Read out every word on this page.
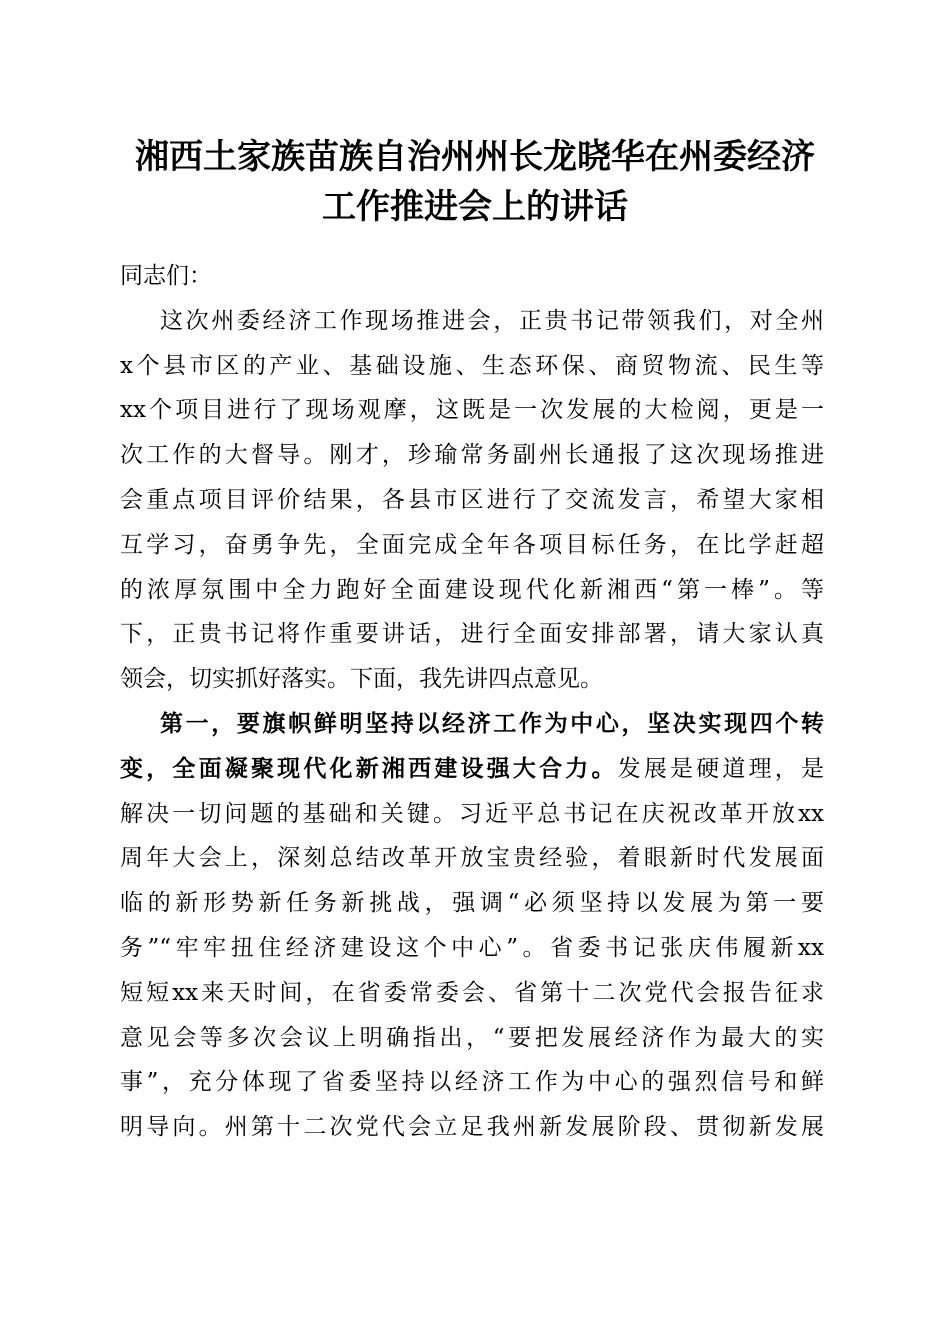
湘西土家族苗族自治州州长龙晓华在州委经济
工作推进会上的讲话
同志们：
这次州委经济工作现场推进会，正贵书记带领我们，对全州
x个县市区的产业、基础设施、生态环保、商贸物流、民生等
xx个项目进行了现场观摩，这既是一次发展的大检阅，更是一
次工作的大督导。刚才，珍瑜常务副州长通报了这次现场推进
会重点项目评价结果，各县市区进行了交流发言，希望大家相
互学习，奋勇争先，全面完成全年各项目标任务，在比学赶超
的浓厚氛围中全力跑好全面建设现代化新湘西“第一棒”。等
下，正贵书记将作重要讲话，进行全面安排部署，请大家认真
领会，切实抓好落实。下面，我先讲四点意见。
第一，要旗帜鲜明坚持以经济工作为中心，坚决实现四个转
变，全面凝聚现代化新湘西建设强大合力。发展是硬道理，是
解决一切问题的基础和关键。习近平总书记在庆祝改革开放xx
周年大会上，深刻总结改革开放宝贵经验，着眼新时代发展面
临的新形势新任务新挑战，强调“必须坚持以发展为第一要
务”“牢牢扭住经济建设这个中心”。省委书记张庆伟履新xx
短短xx来天时间，在省委常委会、省第十二次党代会报告征求
意见会等多次会议上明确指出，“要把发展经济作为最大的实
事”，充分体现了省委坚持以经济工作为中心的强烈信号和鲜
明导向。州第十二次党代会立足我州新发展阶段、贯彻新发展
